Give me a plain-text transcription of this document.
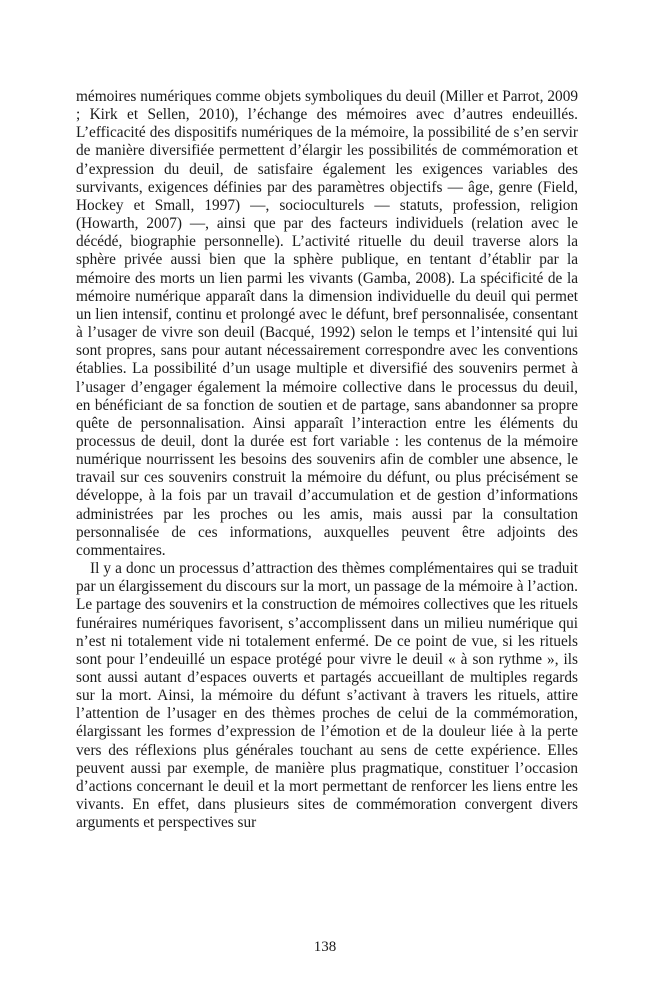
mémoires numériques comme objets symboliques du deuil (Miller et Parrot, 2009 ; Kirk et Sellen, 2010), l’échange des mémoires avec d’autres endeuillés. L’efficacité des dispositifs numériques de la mémoire, la possibilité de s’en servir de manière diversifiée permettent d’élargir les possibilités de commémoration et d’expression du deuil, de satisfaire également les exigences variables des survivants, exigences définies par des paramètres objectifs — âge, genre (Field, Hockey et Small, 1997) —, socioculturels — statuts, profession, religion (Howarth, 2007) —, ainsi que par des facteurs individuels (relation avec le décédé, biographie personnelle). L’activité rituelle du deuil traverse alors la sphère privée aussi bien que la sphère publique, en tentant d’établir par la mémoire des morts un lien parmi les vivants (Gamba, 2008). La spécificité de la mémoire numérique apparaît dans la dimension individuelle du deuil qui permet un lien intensif, continu et prolongé avec le défunt, bref personnalisée, consentant à l’usager de vivre son deuil (Bacqué, 1992) selon le temps et l’intensité qui lui sont propres, sans pour autant nécessairement correspondre avec les conventions établies. La possibilité d’un usage multiple et diversifié des souvenirs permet à l’usager d’engager également la mémoire collective dans le processus du deuil, en bénéficiant de sa fonction de soutien et de partage, sans abandonner sa propre quête de personnalisation. Ainsi apparaît l’interaction entre les éléments du processus de deuil, dont la durée est fort variable : les contenus de la mémoire numérique nourrissent les besoins des souvenirs afin de combler une absence, le travail sur ces souvenirs construit la mémoire du défunt, ou plus précisément se développe, à la fois par un travail d’accumulation et de gestion d’informations administrées par les proches ou les amis, mais aussi par la consultation personnalisée de ces informations, auxquelles peuvent être adjoints des commentaires.

Il y a donc un processus d’attraction des thèmes complémentaires qui se traduit par un élargissement du discours sur la mort, un passage de la mémoire à l’action. Le partage des souvenirs et la construction de mémoires collectives que les rituels funéraires numériques favorisent, s’accomplissent dans un milieu numérique qui n’est ni totalement vide ni totalement enfermé. De ce point de vue, si les rituels sont pour l’endeuillé un espace protégé pour vivre le deuil « à son rythme », ils sont aussi autant d’espaces ouverts et partagés accueillant de multiples regards sur la mort. Ainsi, la mémoire du défunt s’activant à travers les rituels, attire l’attention de l’usager en des thèmes proches de celui de la commémoration, élargissant les formes d’expression de l’émotion et de la douleur liée à la perte vers des réflexions plus générales touchant au sens de cette expérience. Elles peuvent aussi par exemple, de manière plus pragmatique, constituer l’occasion d’actions concernant le deuil et la mort permettant de renforcer les liens entre les vivants. En effet, dans plusieurs sites de commémoration convergent divers arguments et perspectives sur

138
